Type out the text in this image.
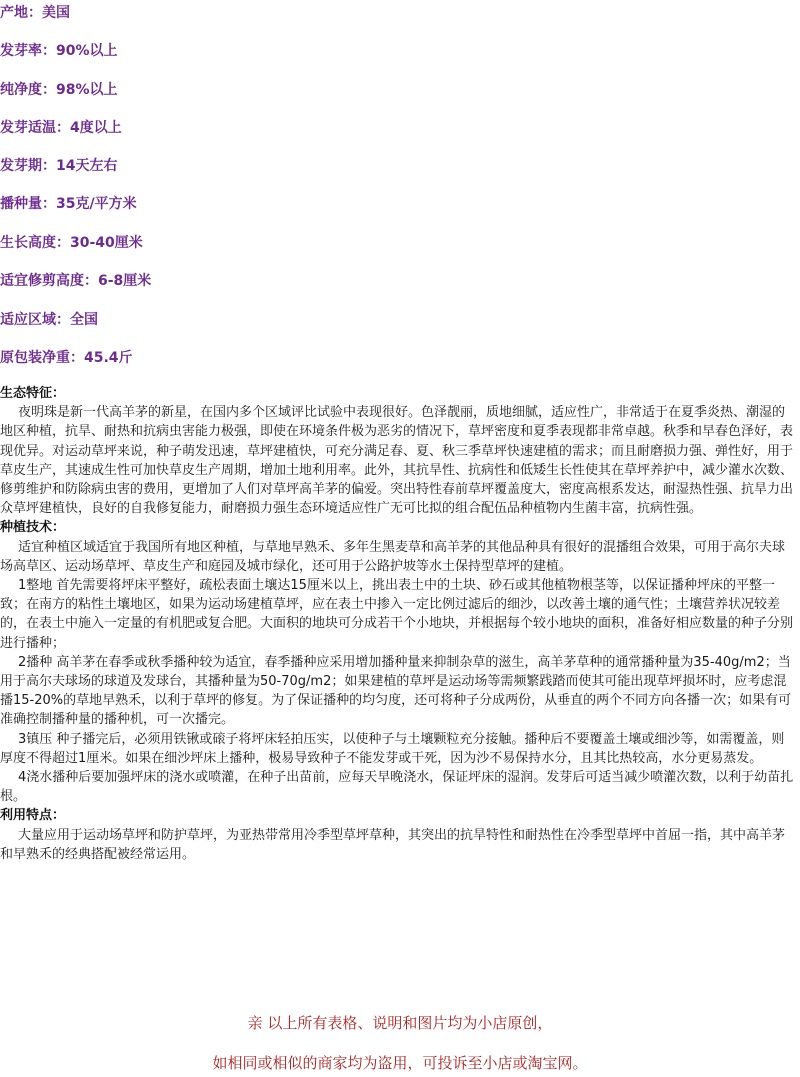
产地：美国
发芽率：90%以上
纯净度：98%以上
发芽适温：4度以上
发芽期：14天左右
播种量：35克/平方米
生长高度：30-40厘米
适宜修剪高度：6-8厘米
适应区域：全国
原包装净重：45.4斤
生态特征：

夜明珠是新一代高羊茅的新星，在国内多个区域评比试验中表现很好。色泽靓丽，质地细腻，适应性广，非常适于在夏季炎热、潮湿的地区种植，抗旱、耐热和抗病虫害能力极强，即使在环境条件极为恶劣的情况下，草坪密度和夏季表现都非常卓越。秋季和早春色泽好，表现优异。对运动草坪来说，种子萌发迅速，草坪建植快，可充分满足春、夏、秋三季草坪快速建植的需求；而且耐磨损力强、弹性好，用于草皮生产，其速成生性可加快草皮生产周期，增加土地利用率。此外，其抗旱性、抗病性和低矮生长性使其在草坪养护中，减少灌水次数、修剪维护和防除病虫害的费用，更增加了人们对草坪高羊茅的偏爱。突出特性春前草坪覆盖度大，密度高根系发达，耐湿热性强、抗旱力出众草坪建植快，良好的自我修复能力，耐磨损力强生态环境适应性广无可比拟的组合配伍品种植物内生菌丰富，抗病性强。

种植技术：

适宜种植区域适宜于我国所有地区种植，与草地早熟禾、多年生黑麦草和高羊茅的其他品种具有很好的混播组合效果，可用于高尔夫球场高草区、运动场草坪、草皮生产和庭园及城市绿化，还可用于公路护坡等水土保持型草坪的建植。

1整地 首先需要将坪床平整好，疏松表面土壤达15厘米以上，挑出表土中的土块、砂石或其他植物根茎等，以保证播种坪床的平整一致；在南方的粘性土壤地区，如果为运动场建植草坪，应在表土中掺入一定比例过滤后的细沙，以改善土壤的通气性；土壤营养状况较差的，在表土中施入一定量的有机肥或复合肥。大面积的地块可分成若干个小地块，并根据每个较小地块的面积，准备好相应数量的种子分别进行播种；

2播种 高羊茅在春季或秋季播种较为适宜，春季播种应采用增加播种量来抑制杂草的滋生，高羊茅草种的通常播种量为35-40g/m2；当用于高尔夫球场的球道及发球台，其播种量为50-70g/m2；如果建植的草坪是运动场等需频繁践踏而使其可能出现草坪损坏时，应考虑混播15-20%的草地早熟禾，以利于草坪的修复。为了保证播种的均匀度，还可将种子分成两份，从垂直的两个不同方向各播一次；如果有可准确控制播种量的播种机，可一次播完。

3镇压 种子播完后，必须用铁锹或磙子将坪床轻拍压实，以使种子与土壤颗粒充分接触。播种后不要覆盖土壤或细沙等，如需覆盖，则厚度不得超过1厘米。如果在细沙坪床上播种，极易导致种子不能发芽或干死，因为沙不易保持水分，且其比热较高，水分更易蒸发。

4浇水播种后要加强坪床的浇水或喷灌，在种子出苗前，应每天早晚浇水，保证坪床的湿润。发芽后可适当减少喷灌次数，以利于幼苗扎根。

利用特点：

大量应用于运动场草坪和防护草坪，为亚热带常用冷季型草坪草种，其突出的抗旱特性和耐热性在冷季型草坪中首屈一指，其中高羊茅和早熟禾的经典搭配被经常运用。

亲 以上所有表格、说明和图片均为小店原创，
如相同或相似的商家均为盗用，可投诉至小店或淘宝网。
